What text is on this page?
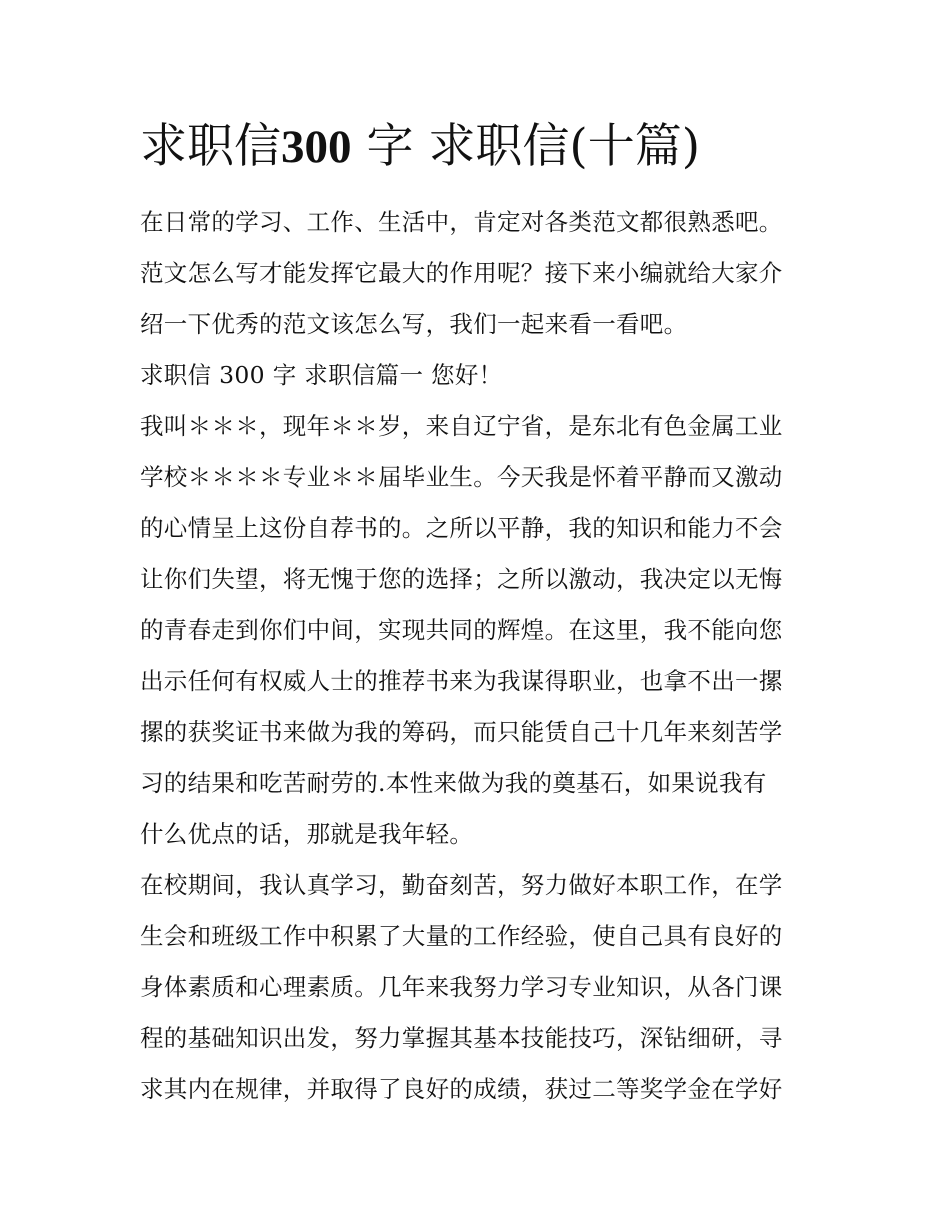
求职信300 字 求职信(十篇)
在日常的学习、工作、生活中，肯定对各类范文都很熟悉吧。
范文怎么写才能发挥它最大的作用呢？接下来小编就给大家介
绍一下优秀的范文该怎么写，我们一起来看一看吧。
求职信 300 字 求职信篇一 您好！
我叫＊＊＊，现年＊＊岁，来自辽宁省，是东北有色金属工业
学校＊＊＊＊专业＊＊届毕业生。今天我是怀着平静而又激动
的心情呈上这份自荐书的。之所以平静，我的知识和能力不会
让你们失望，将无愧于您的选择；之所以激动，我决定以无悔
的青春走到你们中间，实现共同的辉煌。在这里，我不能向您
出示任何有权威人士的推荐书来为我谋得职业，也拿不出一摞
摞的获奖证书来做为我的筹码，而只能赁自己十几年来刻苦学
习的结果和吃苦耐劳的.本性来做为我的奠基石，如果说我有
什么优点的话，那就是我年轻。
在校期间，我认真学习，勤奋刻苦，努力做好本职工作，在学
生会和班级工作中积累了大量的工作经验，使自己具有良好的
身体素质和心理素质。几年来我努力学习专业知识，从各门课
程的基础知识出发，努力掌握其基本技能技巧，深钻细研，寻
求其内在规律，并取得了良好的成绩，获过二等奖学金在学好
